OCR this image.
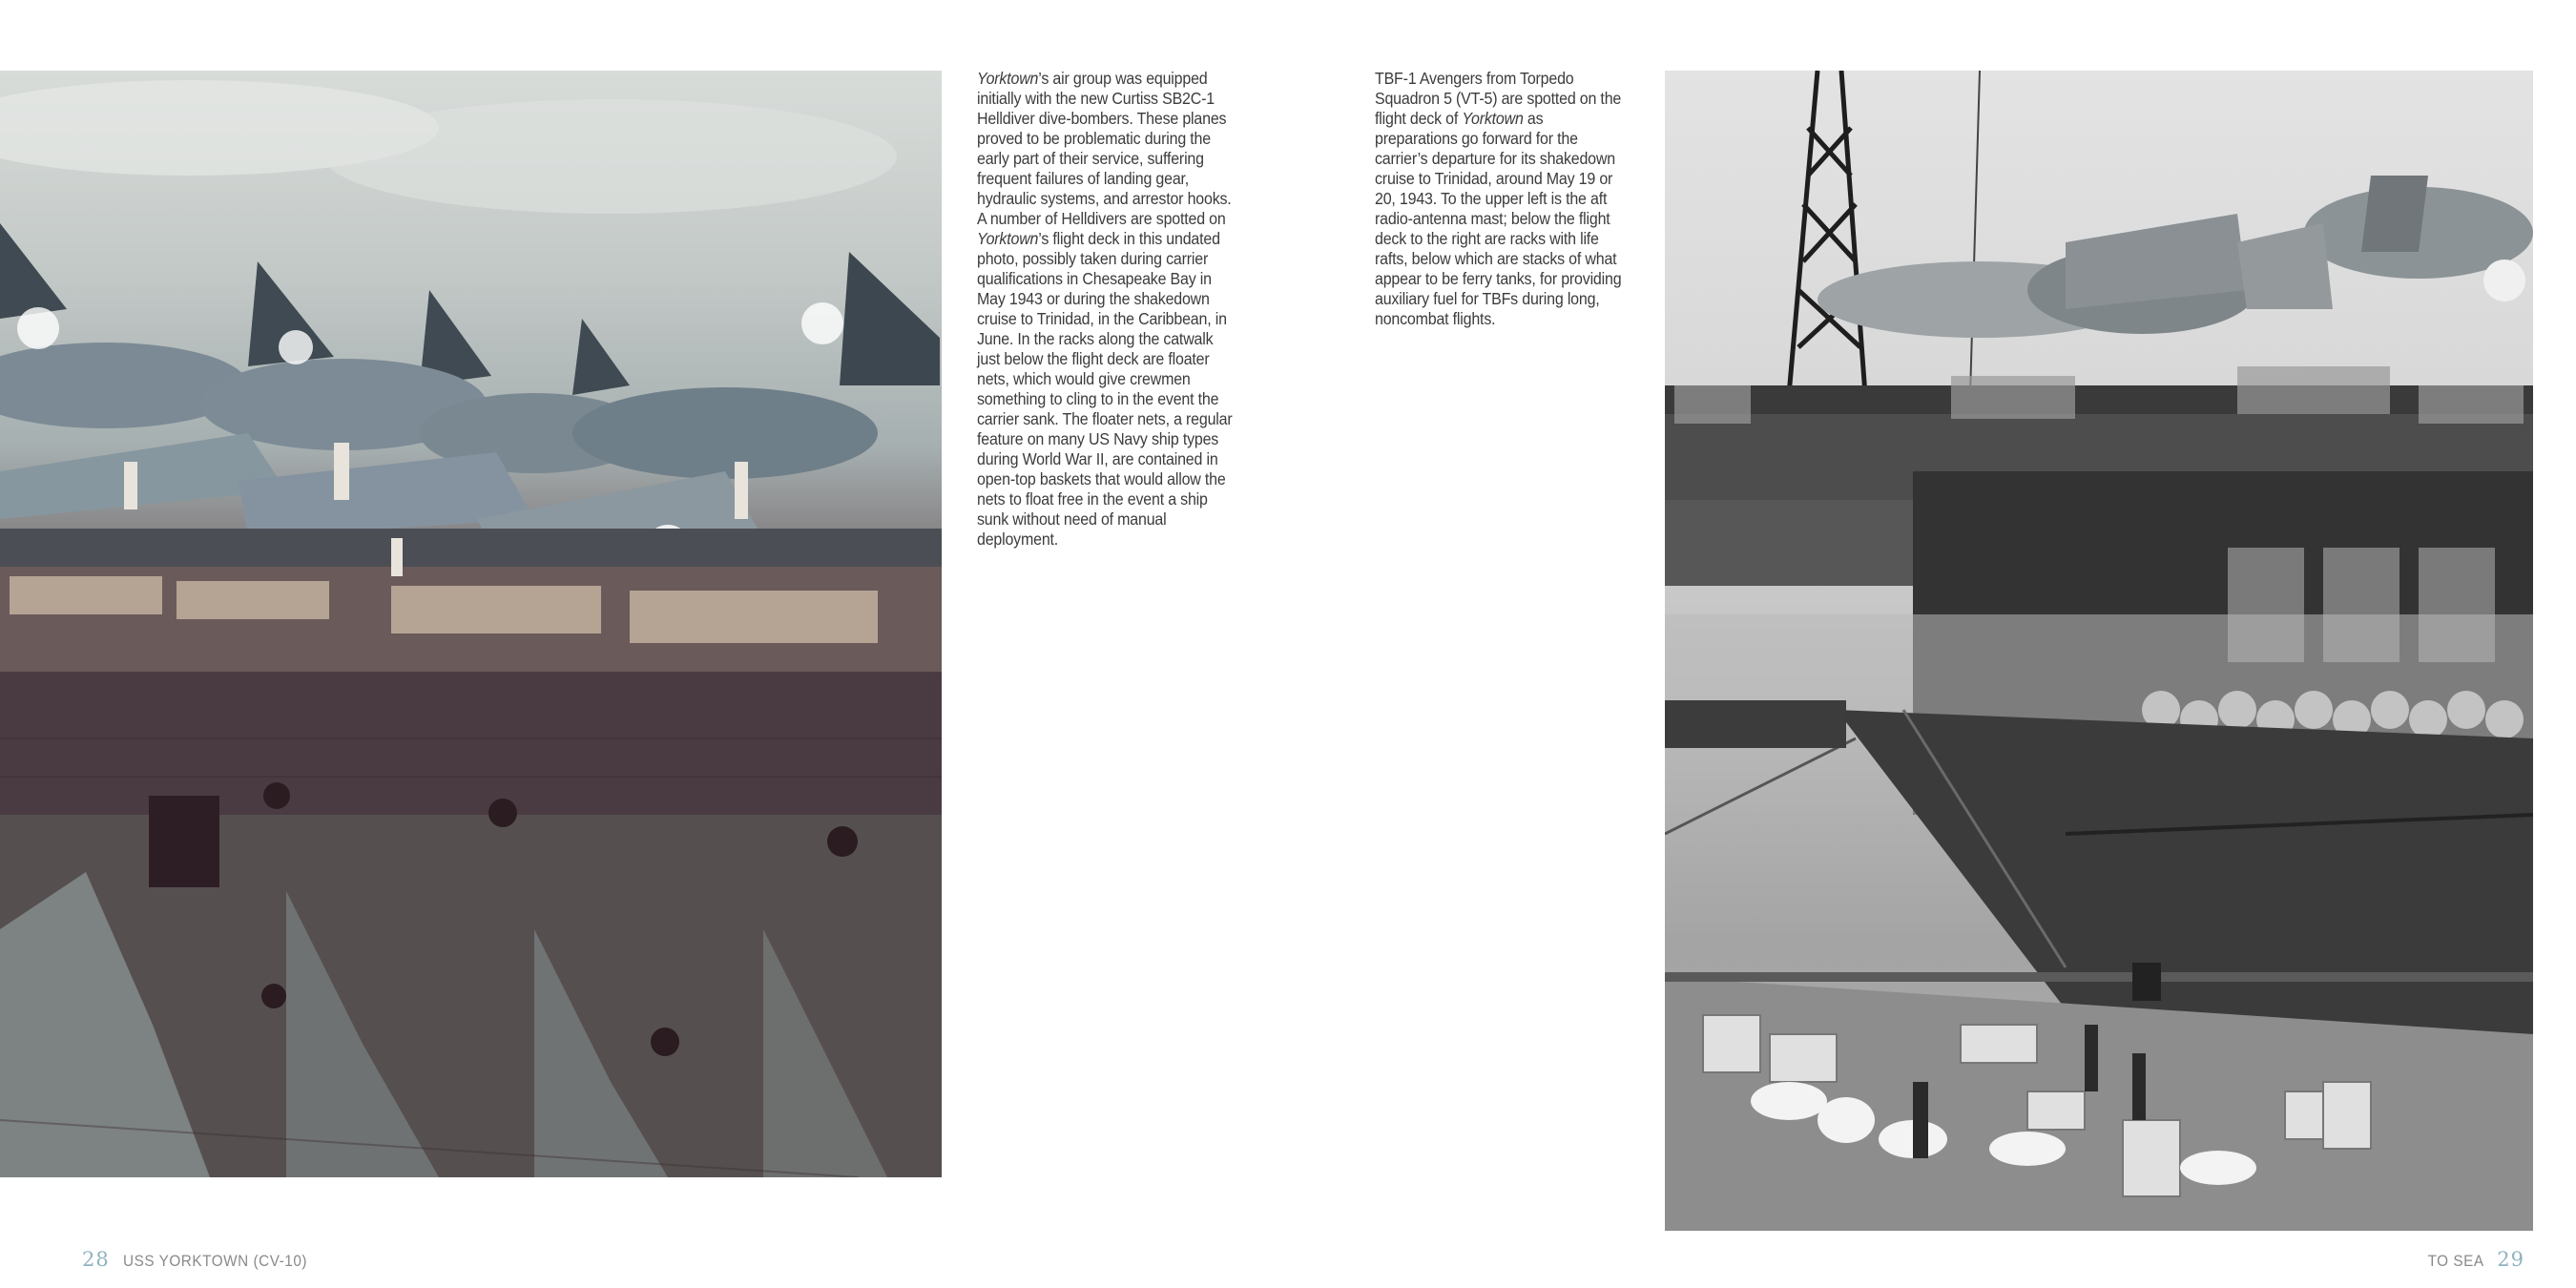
Yorktown’s air group was equipped initially with the new Curtiss SB2C-1 Helldiver dive-bombers. These planes proved to be problematic during the early part of their service, suffering frequent failures of landing gear, hydraulic systems, and arrestor hooks. A number of Helldivers are spotted on Yorktown’s flight deck in this undated photo, possibly taken during carrier qualifications in Chesapeake Bay in May 1943 or during the shakedown cruise to Trinidad, in the Caribbean, in June. In the racks along the catwalk just below the flight deck are floater nets, which would give crewmen something to cling to in the event the carrier sank. The floater nets, a regular feature on many US Navy ship types during World War II, are contained in open-top baskets that would allow the nets to float free in the event a ship sunk without need of manual deployment.
TBF-1 Avengers from Torpedo Squadron 5 (VT-5) are spotted on the flight deck of Yorktown as preparations go forward for the carrier’s departure for its shakedown cruise to Trinidad, around May 19 or 20, 1943. To the upper left is the aft radio-antenna mast; below the flight deck to the right are racks with life rafts, below which are stacks of what appear to be ferry tanks, for providing auxiliary fuel for TBFs during long, noncombat flights.
28 USS YORKTOWN (CV-10)	TO SEA 29
